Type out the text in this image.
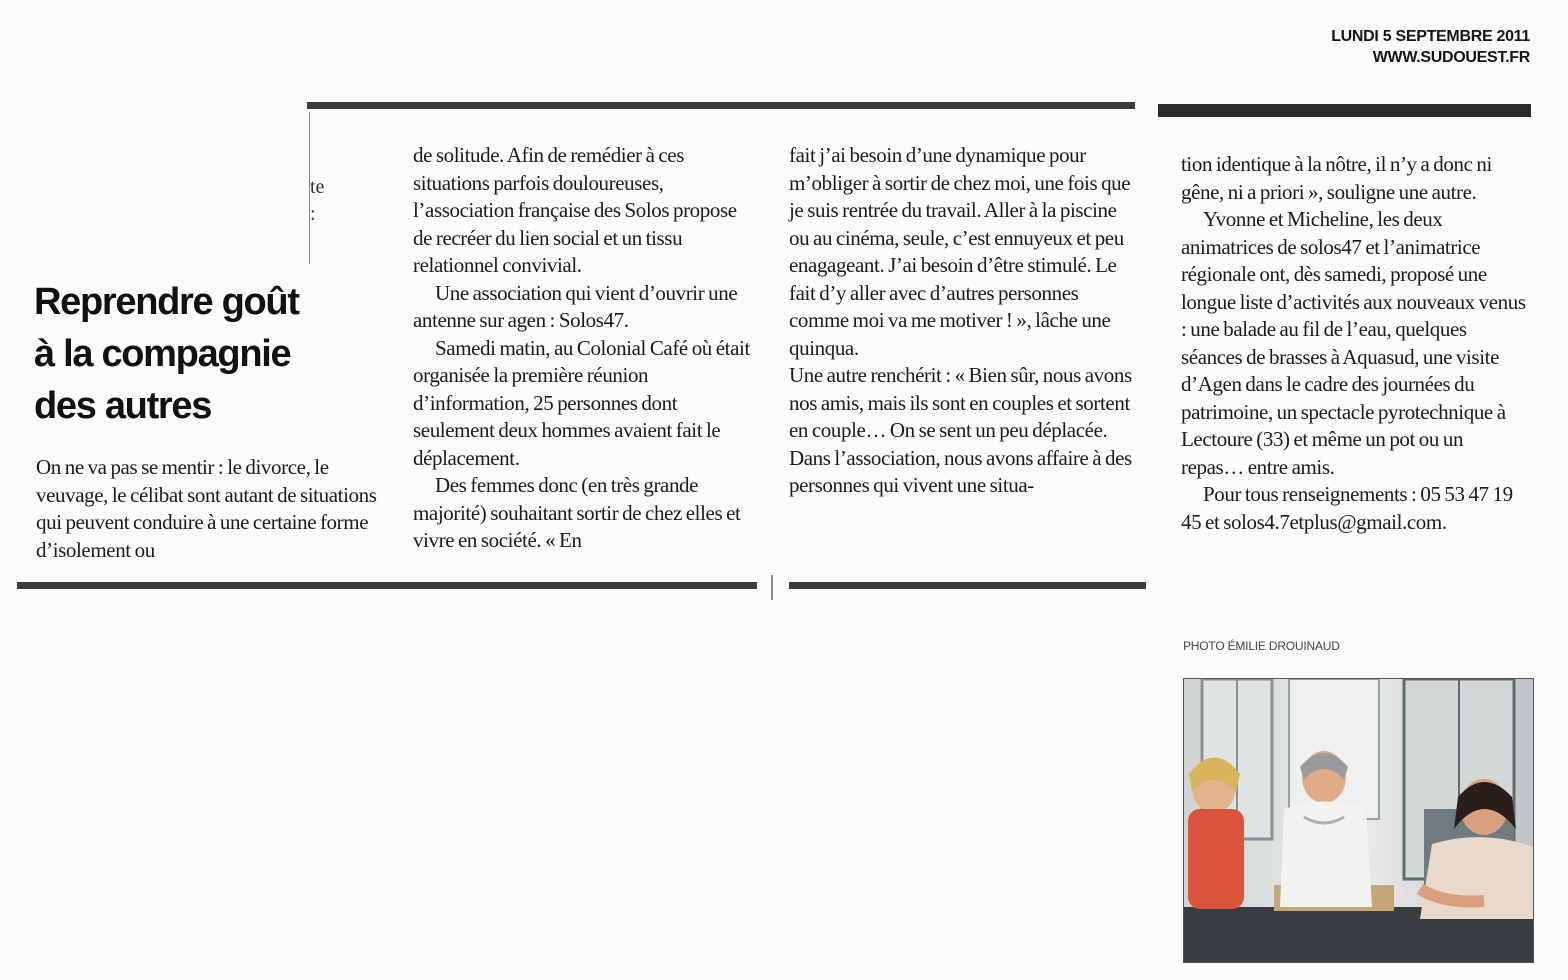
LUNDI 5 SEPTEMBRE 2011
WWW.SUDOUEST.FR
te
:
Reprendre goût
à la compagnie
des autres

On ne va pas se mentir : le divorce, le veuvage, le célibat sont autant de situations qui peuvent conduire à une certaine forme d’isolement ou

de solitude. Afin de remédier à ces situations parfois douloureuses, l’association française des Solos propose de recréer du lien social et un tissu relationnel convivial.

Une association qui vient d’ouvrir une antenne sur agen : Solos47.

Samedi matin, au Colonial Café où était organisée la première réunion d’information, 25 personnes dont seulement deux hommes avaient fait le déplacement.

Des femmes donc (en très grande majorité) souhaitant sortir de chez elles et vivre en société. « En

fait j’ai besoin d’une dynamique pour m’obliger à sortir de chez moi, une fois que je suis rentrée du travail. Aller à la piscine ou au cinéma, seule, c’est ennuyeux et peu enagageant. J’ai besoin d’être stimulé. Le fait d’y aller avec d’autres personnes comme moi va me motiver ! », lâche une quinqua.

Une autre renchérit : « Bien sûr, nous avons nos amis, mais ils sont en couples et sortent en couple… On se sent un peu déplacée. Dans l’association, nous avons affaire à des personnes qui vivent une situa-

tion identique à la nôtre, il n’y a donc ni gêne, ni a priori », souligne une autre.

Yvonne et Micheline, les deux animatrices de solos47 et l’animatrice régionale ont, dès samedi, proposé une longue liste d’activités aux nouveaux venus : une balade au fil de l’eau, quelques séances de brasses à Aquasud, une visite d’Agen dans le cadre des journées du patrimoine, un spectacle pyrotechnique à Lectoure (33) et même un pot ou un repas… entre amis.

Pour tous renseignements : 05 53 47 19 45 et solos4.7etplus@gmail.com.

PHOTO ÉMILIE DROUINAUD
